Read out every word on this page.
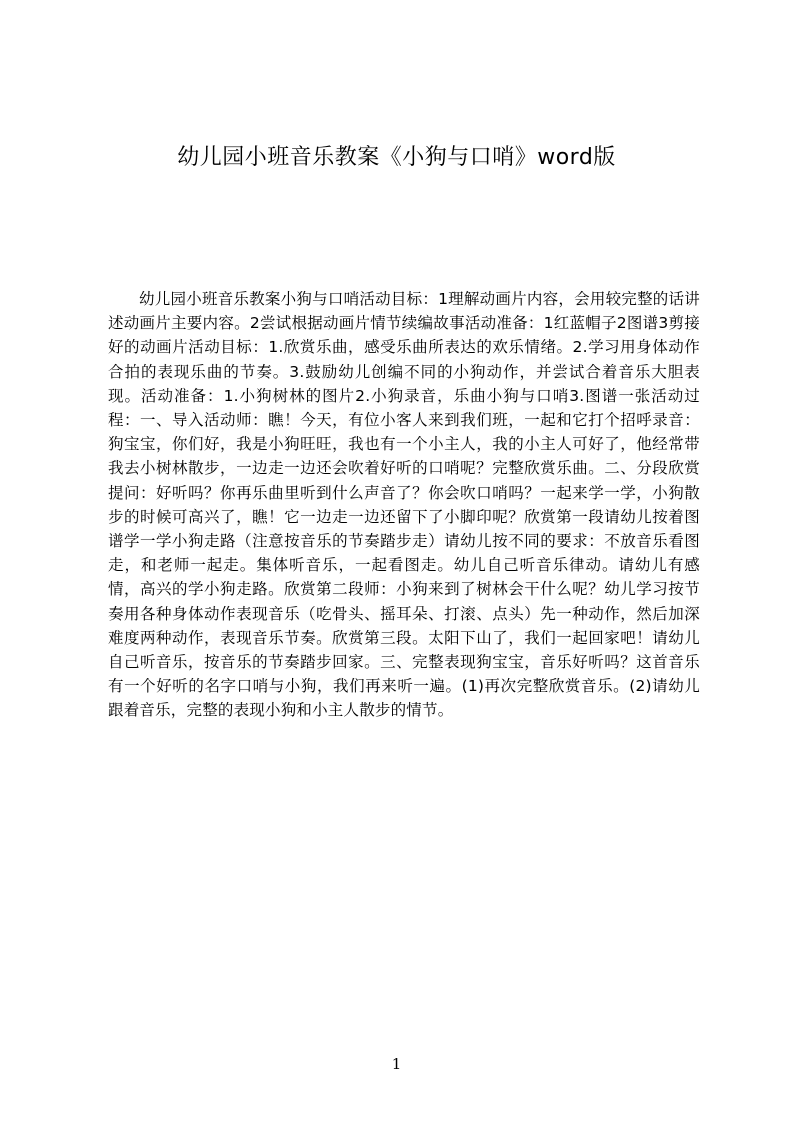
幼儿园小班音乐教案《小狗与口哨》word版

幼儿园小班音乐教案小狗与口哨活动目标：1理解动画片内容，会用较完整的话讲述动画片主要内容。2尝试根据动画片情节续编故事活动准备：1红蓝帽子2图谱3剪接好的动画片活动目标：1.欣赏乐曲，感受乐曲所表达的欢乐情绪。2.学习用身体动作合拍的表现乐曲的节奏。3.鼓励幼儿创编不同的小狗动作，并尝试合着音乐大胆表现。活动准备：1.小狗树林的图片2.小狗录音，乐曲小狗与口哨3.图谱一张活动过程：一、导入活动师：瞧！今天，有位小客人来到我们班，一起和它打个招呼录音：狗宝宝，你们好，我是小狗旺旺，我也有一个小主人，我的小主人可好了，他经常带我去小树林散步，一边走一边还会吹着好听的口哨呢？完整欣赏乐曲。二、分段欣赏提问：好听吗？你再乐曲里听到什么声音了？你会吹口哨吗？一起来学一学，小狗散步的时候可高兴了，瞧！它一边走一边还留下了小脚印呢？欣赏第一段请幼儿按着图谱学一学小狗走路（注意按音乐的节奏踏步走）请幼儿按不同的要求：不放音乐看图走，和老师一起走。集体听音乐，一起看图走。幼儿自己听音乐律动。请幼儿有感情，高兴的学小狗走路。欣赏第二段师：小狗来到了树林会干什么呢？幼儿学习按节奏用各种身体动作表现音乐（吃骨头、摇耳朵、打滚、点头）先一种动作，然后加深难度两种动作，表现音乐节奏。欣赏第三段。太阳下山了，我们一起回家吧！请幼儿自己听音乐，按音乐的节奏踏步回家。三、完整表现狗宝宝，音乐好听吗？这首音乐有一个好听的名字口哨与小狗，我们再来听一遍。(1)再次完整欣赏音乐。(2)请幼儿跟着音乐，完整的表现小狗和小主人散步的情节。

1
